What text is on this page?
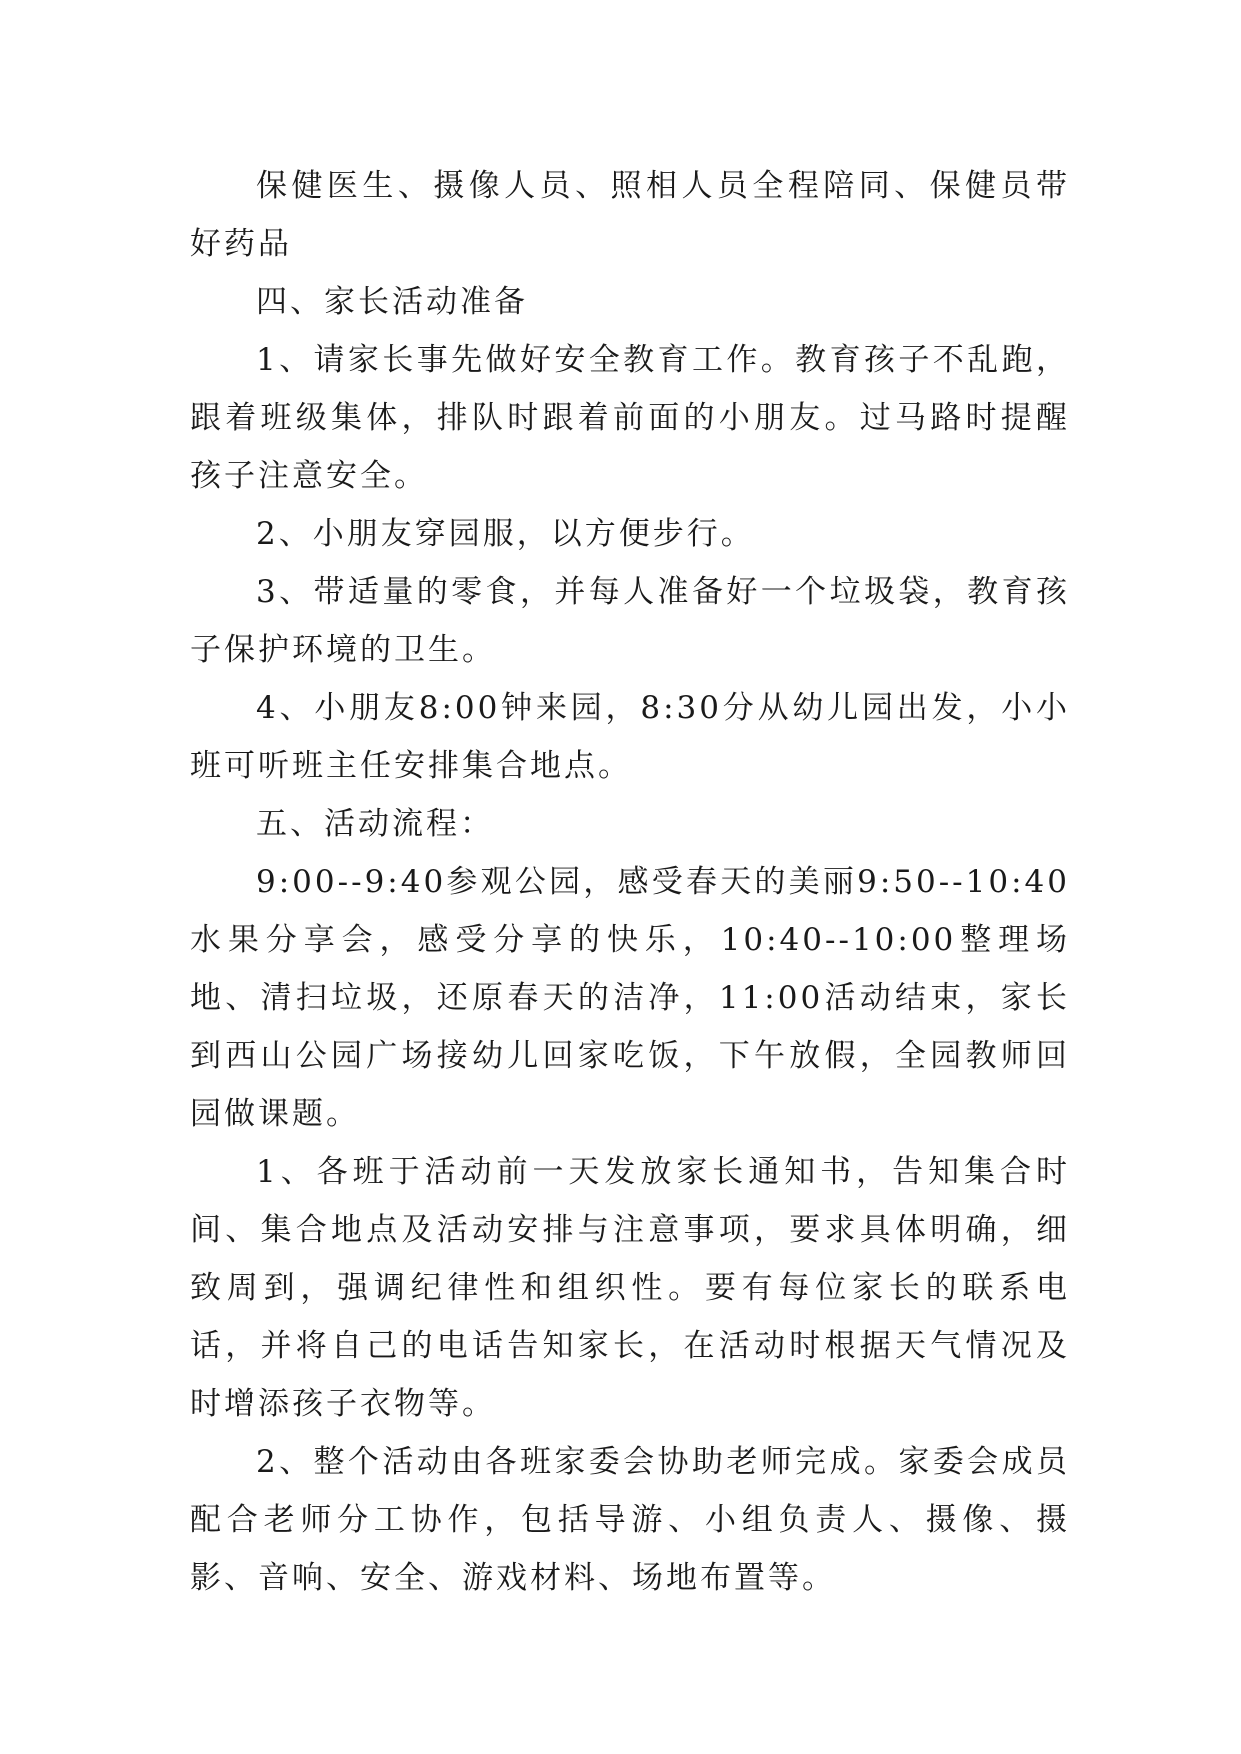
保健医生、摄像人员、照相人员全程陪同、保健员带好药品

四、家长活动准备

1、请家长事先做好安全教育工作。教育孩子不乱跑，跟着班级集体，排队时跟着前面的小朋友。过马路时提醒孩子注意安全。

2、小朋友穿园服，以方便步行。

3、带适量的零食，并每人准备好一个垃圾袋，教育孩子保护环境的卫生。

4、小朋友8:00钟来园，8:30分从幼儿园出发，小小班可听班主任安排集合地点。

五、活动流程：

9:00--9:40参观公园，感受春天的美丽9:50--10:40水果分享会，感受分享的快乐，10:40--10:00整理场地、清扫垃圾，还原春天的洁净，11:00活动结束，家长到西山公园广场接幼儿回家吃饭，下午放假，全园教师回园做课题。

1、各班于活动前一天发放家长通知书，告知集合时间、集合地点及活动安排与注意事项，要求具体明确，细致周到，强调纪律性和组织性。要有每位家长的联系电话，并将自己的电话告知家长，在活动时根据天气情况及时增添孩子衣物等。

2、整个活动由各班家委会协助老师完成。家委会成员配合老师分工协作，包括导游、小组负责人、摄像、摄影、音响、安全、游戏材料、场地布置等。
